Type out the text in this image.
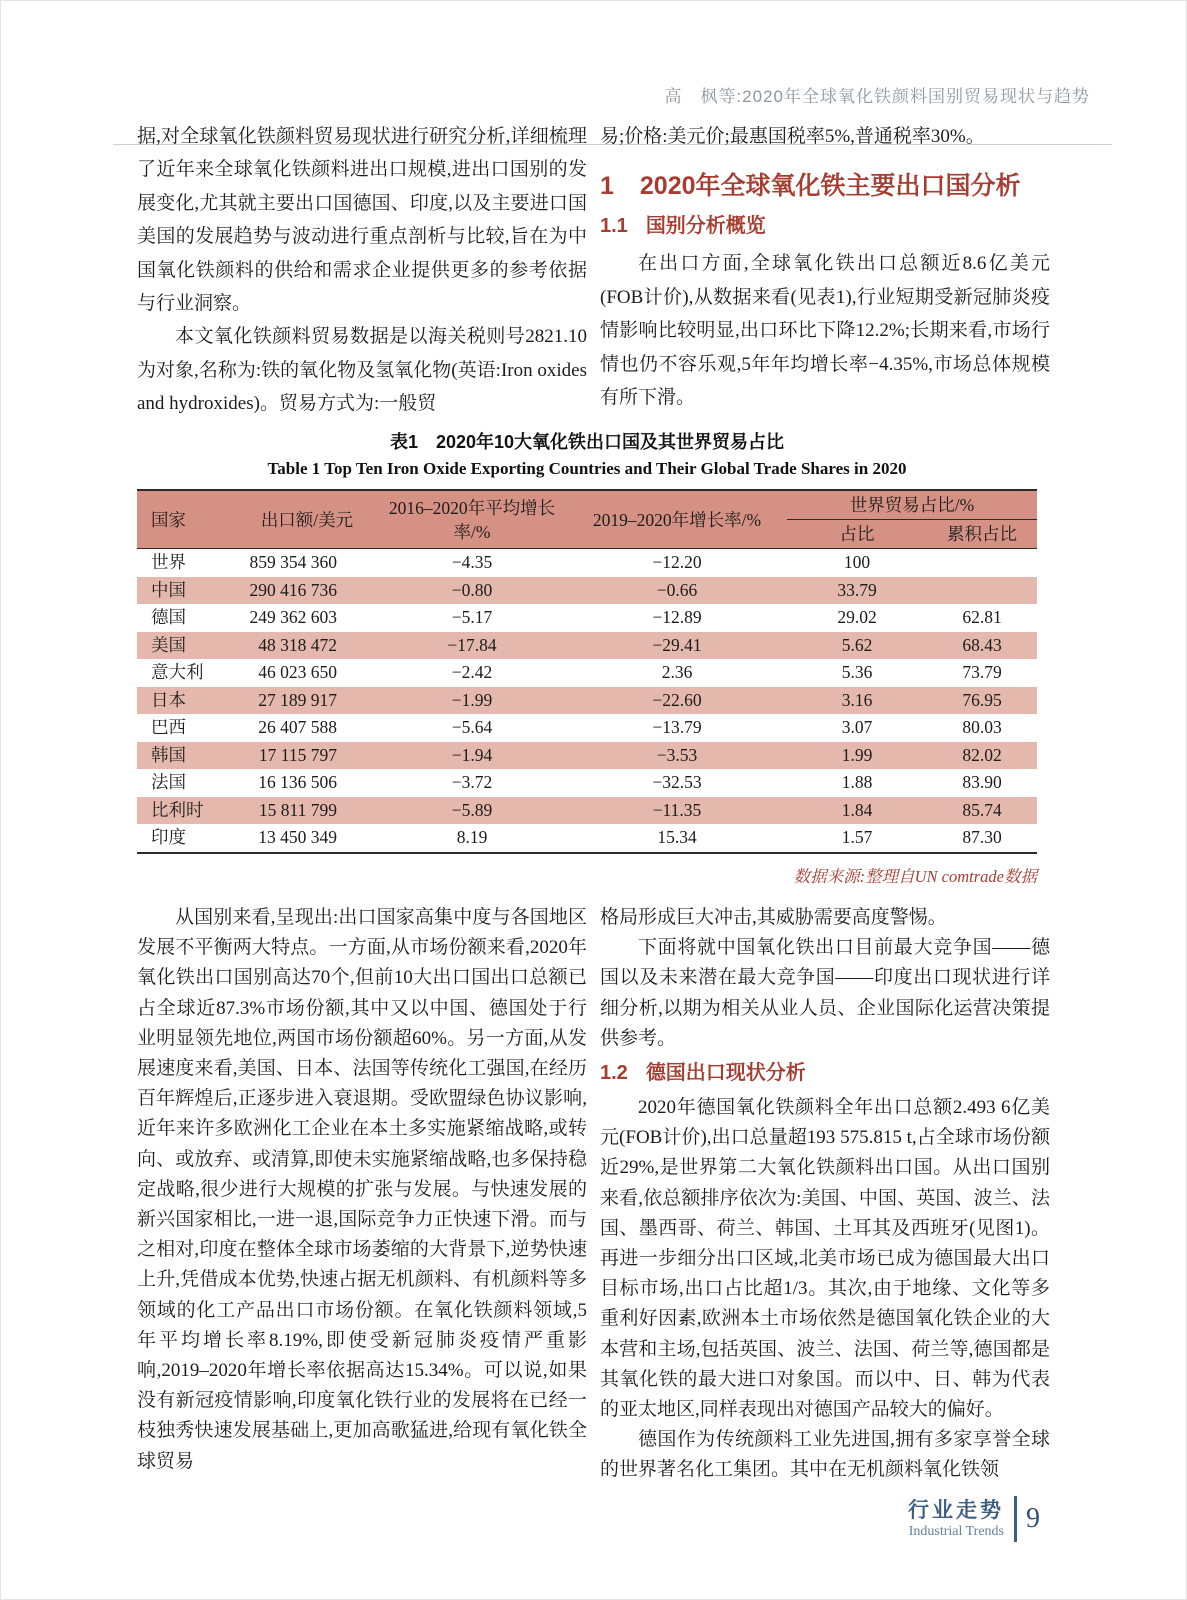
高　枫等:2020年全球氧化铁颜料国别贸易现状与趋势

据,对全球氧化铁颜料贸易现状进行研究分析,详细梳理了近年来全球氧化铁颜料进出口规模,进出口国别的发展变化,尤其就主要出口国德国、印度,以及主要进口国美国的发展趋势与波动进行重点剖析与比较,旨在为中国氧化铁颜料的供给和需求企业提供更多的参考依据与行业洞察。

本文氧化铁颜料贸易数据是以海关税则号2821.10为对象,名称为:铁的氧化物及氢氧化物(英语:Iron oxides and hydroxides)。贸易方式为:一般贸

易;价格:美元价;最惠国税率5%,普通税率30%。

1 2020年全球氧化铁主要出口国分析
1.1 国别分析概览

在出口方面,全球氧化铁出口总额近8.6亿美元(FOB计价),从数据来看(见表1),行业短期受新冠肺炎疫情影响比较明显,出口环比下降12.2%;长期来看,市场行情也仍不容乐观,5年年均增长率−4.35%,市场总体规模有所下滑。

表1　2020年10大氧化铁出口国及其世界贸易占比
Table 1 Top Ten Iron Oxide Exporting Countries and Their Global Trade Shares in 2020
国家	出口额/美元	2016–2020年平均增长率/%	2019–2020年增长率/%	世界贸易占比/%	
				占比	累积占比
世界	859 354 360	−4.35	−12.20	100	
中国	290 416 736	−0.80	−0.66	33.79	
德国	249 362 603	−5.17	−12.89	29.02	62.81
美国	48 318 472	−17.84	−29.41	5.62	68.43
意大利	46 023 650	−2.42	2.36	5.36	73.79
日本	27 189 917	−1.99	−22.60	3.16	76.95
巴西	26 407 588	−5.64	−13.79	3.07	80.03
韩国	17 115 797	−1.94	−3.53	1.99	82.02
法国	16 136 506	−3.72	−32.53	1.88	83.90
比利时	15 811 799	−5.89	−11.35	1.84	85.74
印度	13 450 349	8.19	15.34	1.57	87.30
数据来源:整理自UN comtrade数据

从国别来看,呈现出:出口国家高集中度与各国地区发展不平衡两大特点。一方面,从市场份额来看,2020年氧化铁出口国别高达70个,但前10大出口国出口总额已占全球近87.3%市场份额,其中又以中国、德国处于行业明显领先地位,两国市场份额超60%。另一方面,从发展速度来看,美国、日本、法国等传统化工强国,在经历百年辉煌后,正逐步进入衰退期。受欧盟绿色协议影响,近年来许多欧洲化工企业在本土多实施紧缩战略,或转向、或放弃、或清算,即使未实施紧缩战略,也多保持稳定战略,很少进行大规模的扩张与发展。与快速发展的新兴国家相比,一进一退,国际竞争力正快速下滑。而与之相对,印度在整体全球市场萎缩的大背景下,逆势快速上升,凭借成本优势,快速占据无机颜料、有机颜料等多领域的化工产品出口市场份额。在氧化铁颜料领域,5年平均增长率8.19%,即使受新冠肺炎疫情严重影响,2019–2020年增长率依据高达15.34%。可以说,如果没有新冠疫情影响,印度氧化铁行业的发展将在已经一枝独秀快速发展基础上,更加高歌猛进,给现有氧化铁全球贸易

格局形成巨大冲击,其威胁需要高度警惕。

下面将就中国氧化铁出口目前最大竞争国——德国以及未来潜在最大竞争国——印度出口现状进行详细分析,以期为相关从业人员、企业国际化运营决策提供参考。

1.2 德国出口现状分析

2020年德国氧化铁颜料全年出口总额2.493 6亿美元(FOB计价),出口总量超193 575.815 t,占全球市场份额近29%,是世界第二大氧化铁颜料出口国。从出口国别来看,依总额排序依次为:美国、中国、英国、波兰、法国、墨西哥、荷兰、韩国、土耳其及西班牙(见图1)。再进一步细分出口区域,北美市场已成为德国最大出口目标市场,出口占比超1/3。其次,由于地缘、文化等多重利好因素,欧洲本土市场依然是德国氧化铁企业的大本营和主场,包括英国、波兰、法国、荷兰等,德国都是其氧化铁的最大进口对象国。而以中、日、韩为代表的亚太地区,同样表现出对德国产品较大的偏好。

德国作为传统颜料工业先进国,拥有多家享誉全球的世界著名化工集团。其中在无机颜料氧化铁领

行业走势
Industrial Trends 9
